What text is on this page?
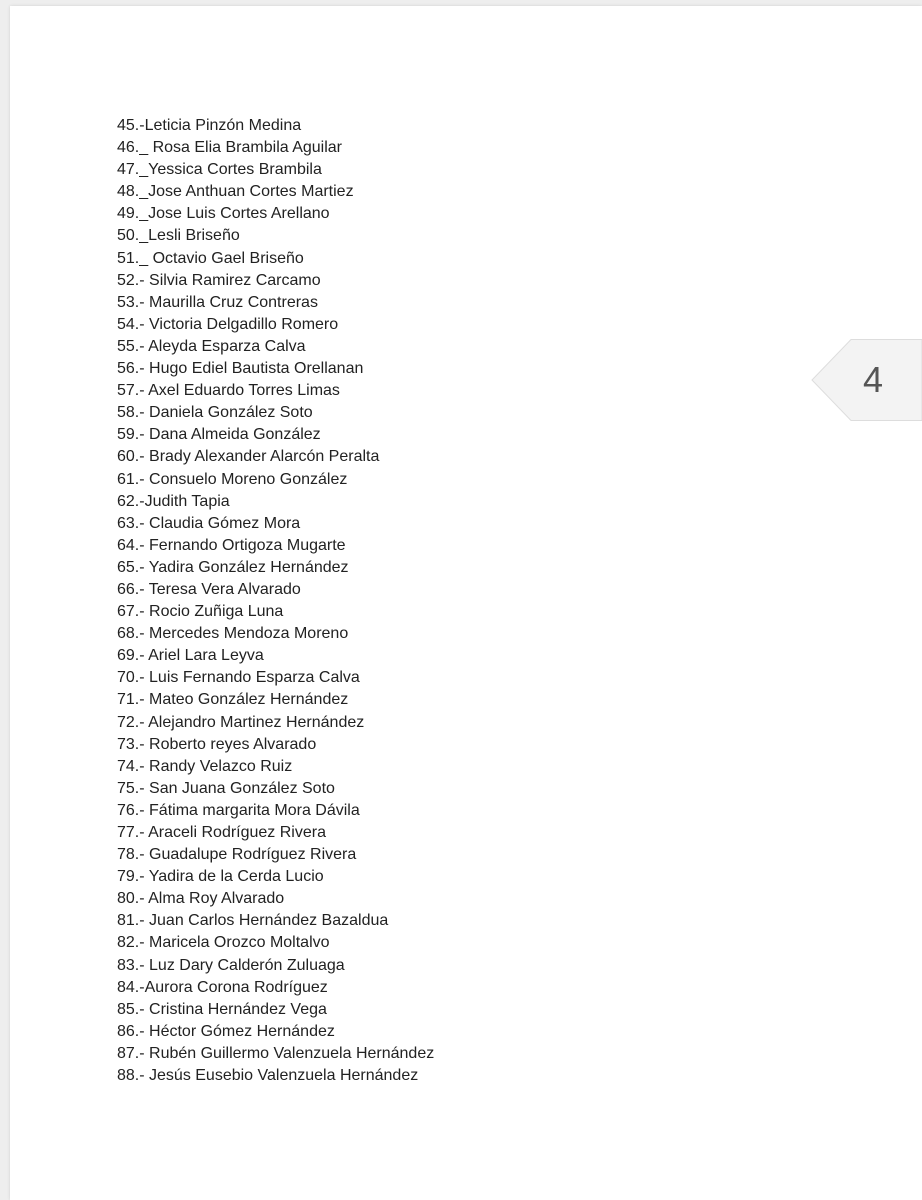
45.-Leticia Pinzón Medina
46._ Rosa Elia Brambila Aguilar
47._Yessica Cortes Brambila
48._Jose Anthuan Cortes Martiez
49._Jose Luis Cortes Arellano
50._Lesli Briseño
51._ Octavio Gael Briseño
52.- Silvia Ramirez Carcamo
53.- Maurilla Cruz Contreras
54.- Victoria Delgadillo Romero
55.- Aleyda Esparza Calva
56.- Hugo Ediel Bautista Orellanan
57.- Axel Eduardo Torres Limas
58.- Daniela González Soto
59.- Dana Almeida González
60.- Brady Alexander Alarcón Peralta
61.- Consuelo Moreno González
62.-Judith Tapia
63.- Claudia Gómez Mora
64.- Fernando Ortigoza Mugarte
65.- Yadira González Hernández
66.- Teresa Vera Alvarado
67.- Rocio Zuñiga Luna
68.- Mercedes Mendoza Moreno
69.- Ariel Lara Leyva
70.- Luis Fernando Esparza Calva
71.- Mateo González Hernández
72.- Alejandro Martinez Hernández
73.- Roberto reyes Alvarado
74.- Randy Velazco Ruiz
75.- San Juana González Soto
76.- Fátima margarita Mora Dávila
77.- Araceli Rodríguez Rivera
78.- Guadalupe Rodríguez Rivera
79.- Yadira de la Cerda Lucio
80.- Alma Roy Alvarado
81.- Juan Carlos Hernández Bazaldua
82.- Maricela Orozco Moltalvo
83.- Luz Dary Calderón Zuluaga
84.-Aurora Corona Rodríguez
85.- Cristina Hernández Vega
86.- Héctor Gómez Hernández
87.- Rubén Guillermo Valenzuela Hernández
88.- Jesús Eusebio Valenzuela Hernández
4
